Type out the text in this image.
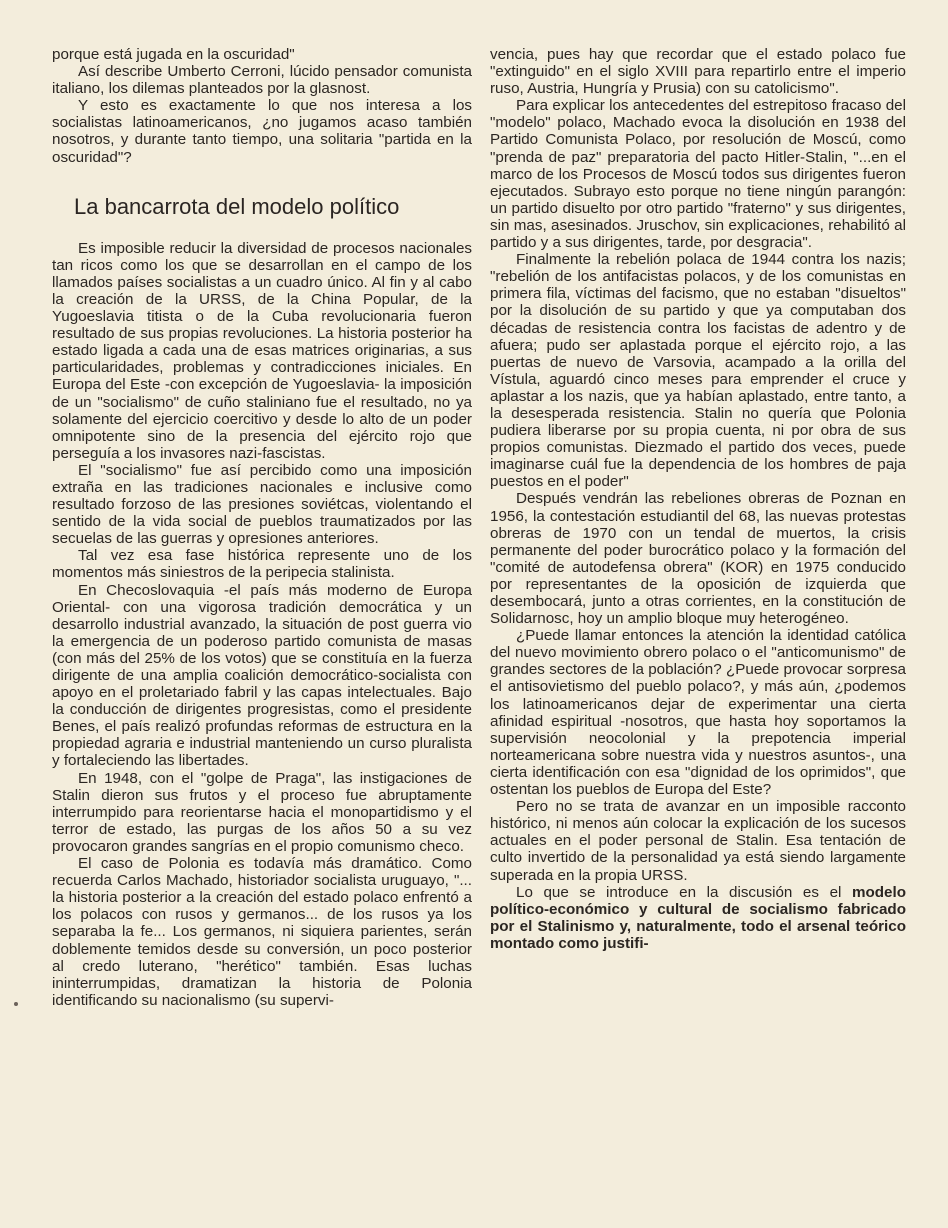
porque está jugada en la oscuridad"

Así describe Umberto Cerroni, lúcido pensador comunista italiano, los dilemas planteados por la glasnost.

Y esto es exactamente lo que nos interesa a los socialistas latinoamericanos, ¿no jugamos acaso también nosotros, y durante tanto tiempo, una solitaria "partida en la oscuridad"?

La bancarrota del modelo político

Es imposible reducir la diversidad de procesos nacionales tan ricos como los que se desarrollan en el campo de los llamados países socialistas a un cuadro único. Al fin y al cabo la creación de la URSS, de la China Popular, de la Yugoeslavia titista o de la Cuba revolucionaria fueron resultado de sus propias revoluciones. La historia posterior ha estado ligada a cada una de esas matrices originarias, a sus particularidades, problemas y contradicciones iniciales. En Europa del Este -con excepción de Yugoeslavia- la imposición de un "socialismo" de cuño staliniano fue el resultado, no ya solamente del ejercicio coercitivo y desde lo alto de un poder omnipotente sino de la presencia del ejército rojo que perseguía a los invasores nazi-fascistas.

El "socialismo" fue así percibido como una imposición extraña en las tradiciones nacionales e inclusive como resultado forzoso de las presiones soviétcas, violentando el sentido de la vida social de pueblos traumatizados por las secuelas de las guerras y opresiones anteriores.

Tal vez esa fase histórica represente uno de los momentos más siniestros de la peripecia stalinista.

En Checoslovaquia -el país más moderno de Europa Oriental- con una vigorosa tradición democrática y un desarrollo industrial avanzado, la situación de post guerra vio la emergencia de un poderoso partido comunista de masas (con más del 25% de los votos) que se constituía en la fuerza dirigente de una amplia coalición democrático-socialista con apoyo en el proletariado fabril y las capas intelectuales. Bajo la conducción de dirigentes progresistas, como el presidente Benes, el país realizó profundas reformas de estructura en la propiedad agraria e industrial manteniendo un curso pluralista y fortaleciendo las libertades.

En 1948, con el "golpe de Praga", las instigaciones de Stalin dieron sus frutos y el proceso fue abruptamente interrumpido para reorientarse hacia el monopartidismo y el terror de estado, las purgas de los años 50 a su vez provocaron grandes sangrías en el propio comunismo checo.

El caso de Polonia es todavía más dramático. Como recuerda Carlos Machado, historiador socialista uruguayo, "... la historia posterior a la creación del estado polaco enfrentó a los polacos con rusos y germanos... de los rusos ya los separaba la fe... Los germanos, ni siquiera parientes, serán doblemente temidos desde su conversión, un poco posterior al credo luterano, "herético" también. Esas luchas ininterrumpidas, dramatizan la historia de Polonia identificando su nacionalismo (su supervi-

vencia, pues hay que recordar que el estado polaco fue "extinguido" en el siglo XVIII para repartirlo entre el imperio ruso, Austria, Hungría y Prusia) con su catolicismo".

Para explicar los antecedentes del estrepitoso fracaso del "modelo" polaco, Machado evoca la disolución en 1938 del Partido Comunista Polaco, por resolución de Moscú, como "prenda de paz" preparatoria del pacto Hitler-Stalin, "...en el marco de los Procesos de Moscú todos sus dirigentes fueron ejecutados. Subrayo esto porque no tiene ningún parangón: un partido disuelto por otro partido "fraterno" y sus dirigentes, sin mas, asesinados. Jruschov, sin explicaciones, rehabilitó al partido y a sus dirigentes, tarde, por desgracia".

Finalmente la rebelión polaca de 1944 contra los nazis; "rebelión de los antifacistas polacos, y de los comunistas en primera fila, víctimas del facismo, que no estaban "disueltos" por la disolución de su partido y que ya computaban dos décadas de resistencia contra los facistas de adentro y de afuera; pudo ser aplastada porque el ejército rojo, a las puertas de nuevo de Varsovia, acampado a la orilla del Vístula, aguardó cinco meses para emprender el cruce y aplastar a los nazis, que ya habían aplastado, entre tanto, a la desesperada resistencia. Stalin no quería que Polonia pudiera liberarse por su propia cuenta, ni por obra de sus propios comunistas. Diezmado el partido dos veces, puede imaginarse cuál fue la dependencia de los hombres de paja puestos en el poder"

Después vendrán las rebeliones obreras de Poznan en 1956, la contestación estudiantil del 68, las nuevas protestas obreras de 1970 con un tendal de muertos, la crisis permanente del poder burocrático polaco y la formación del "comité de autodefensa obrera" (KOR) en 1975 conducido por representantes de la oposición de izquierda que desembocará, junto a otras corrientes, en la constitución de Solidarnosc, hoy un amplio bloque muy heterogéneo.

¿Puede llamar entonces la atención la identidad católica del nuevo movimiento obrero polaco o el "anticomunismo" de grandes sectores de la población? ¿Puede provocar sorpresa el antisovietismo del pueblo polaco?, y más aún, ¿podemos los latinoamericanos dejar de experimentar una cierta afinidad espiritual -nosotros, que hasta hoy soportamos la supervisión neocolonial y la prepotencia imperial norteamericana sobre nuestra vida y nuestros asuntos-, una cierta identificación con esa "dignidad de los oprimidos", que ostentan los pueblos de Europa del Este?

Pero no se trata de avanzar en un imposible racconto histórico, ni menos aún colocar la explicación de los sucesos actuales en el poder personal de Stalin. Esa tentación de culto invertido de la personalidad ya está siendo largamente superada en la propia URSS.

Lo que se introduce en la discusión es el modelo político-económico y cultural de socialismo fabricado por el Stalinismo y, naturalmente, todo el arsenal teórico montado como justifi-
